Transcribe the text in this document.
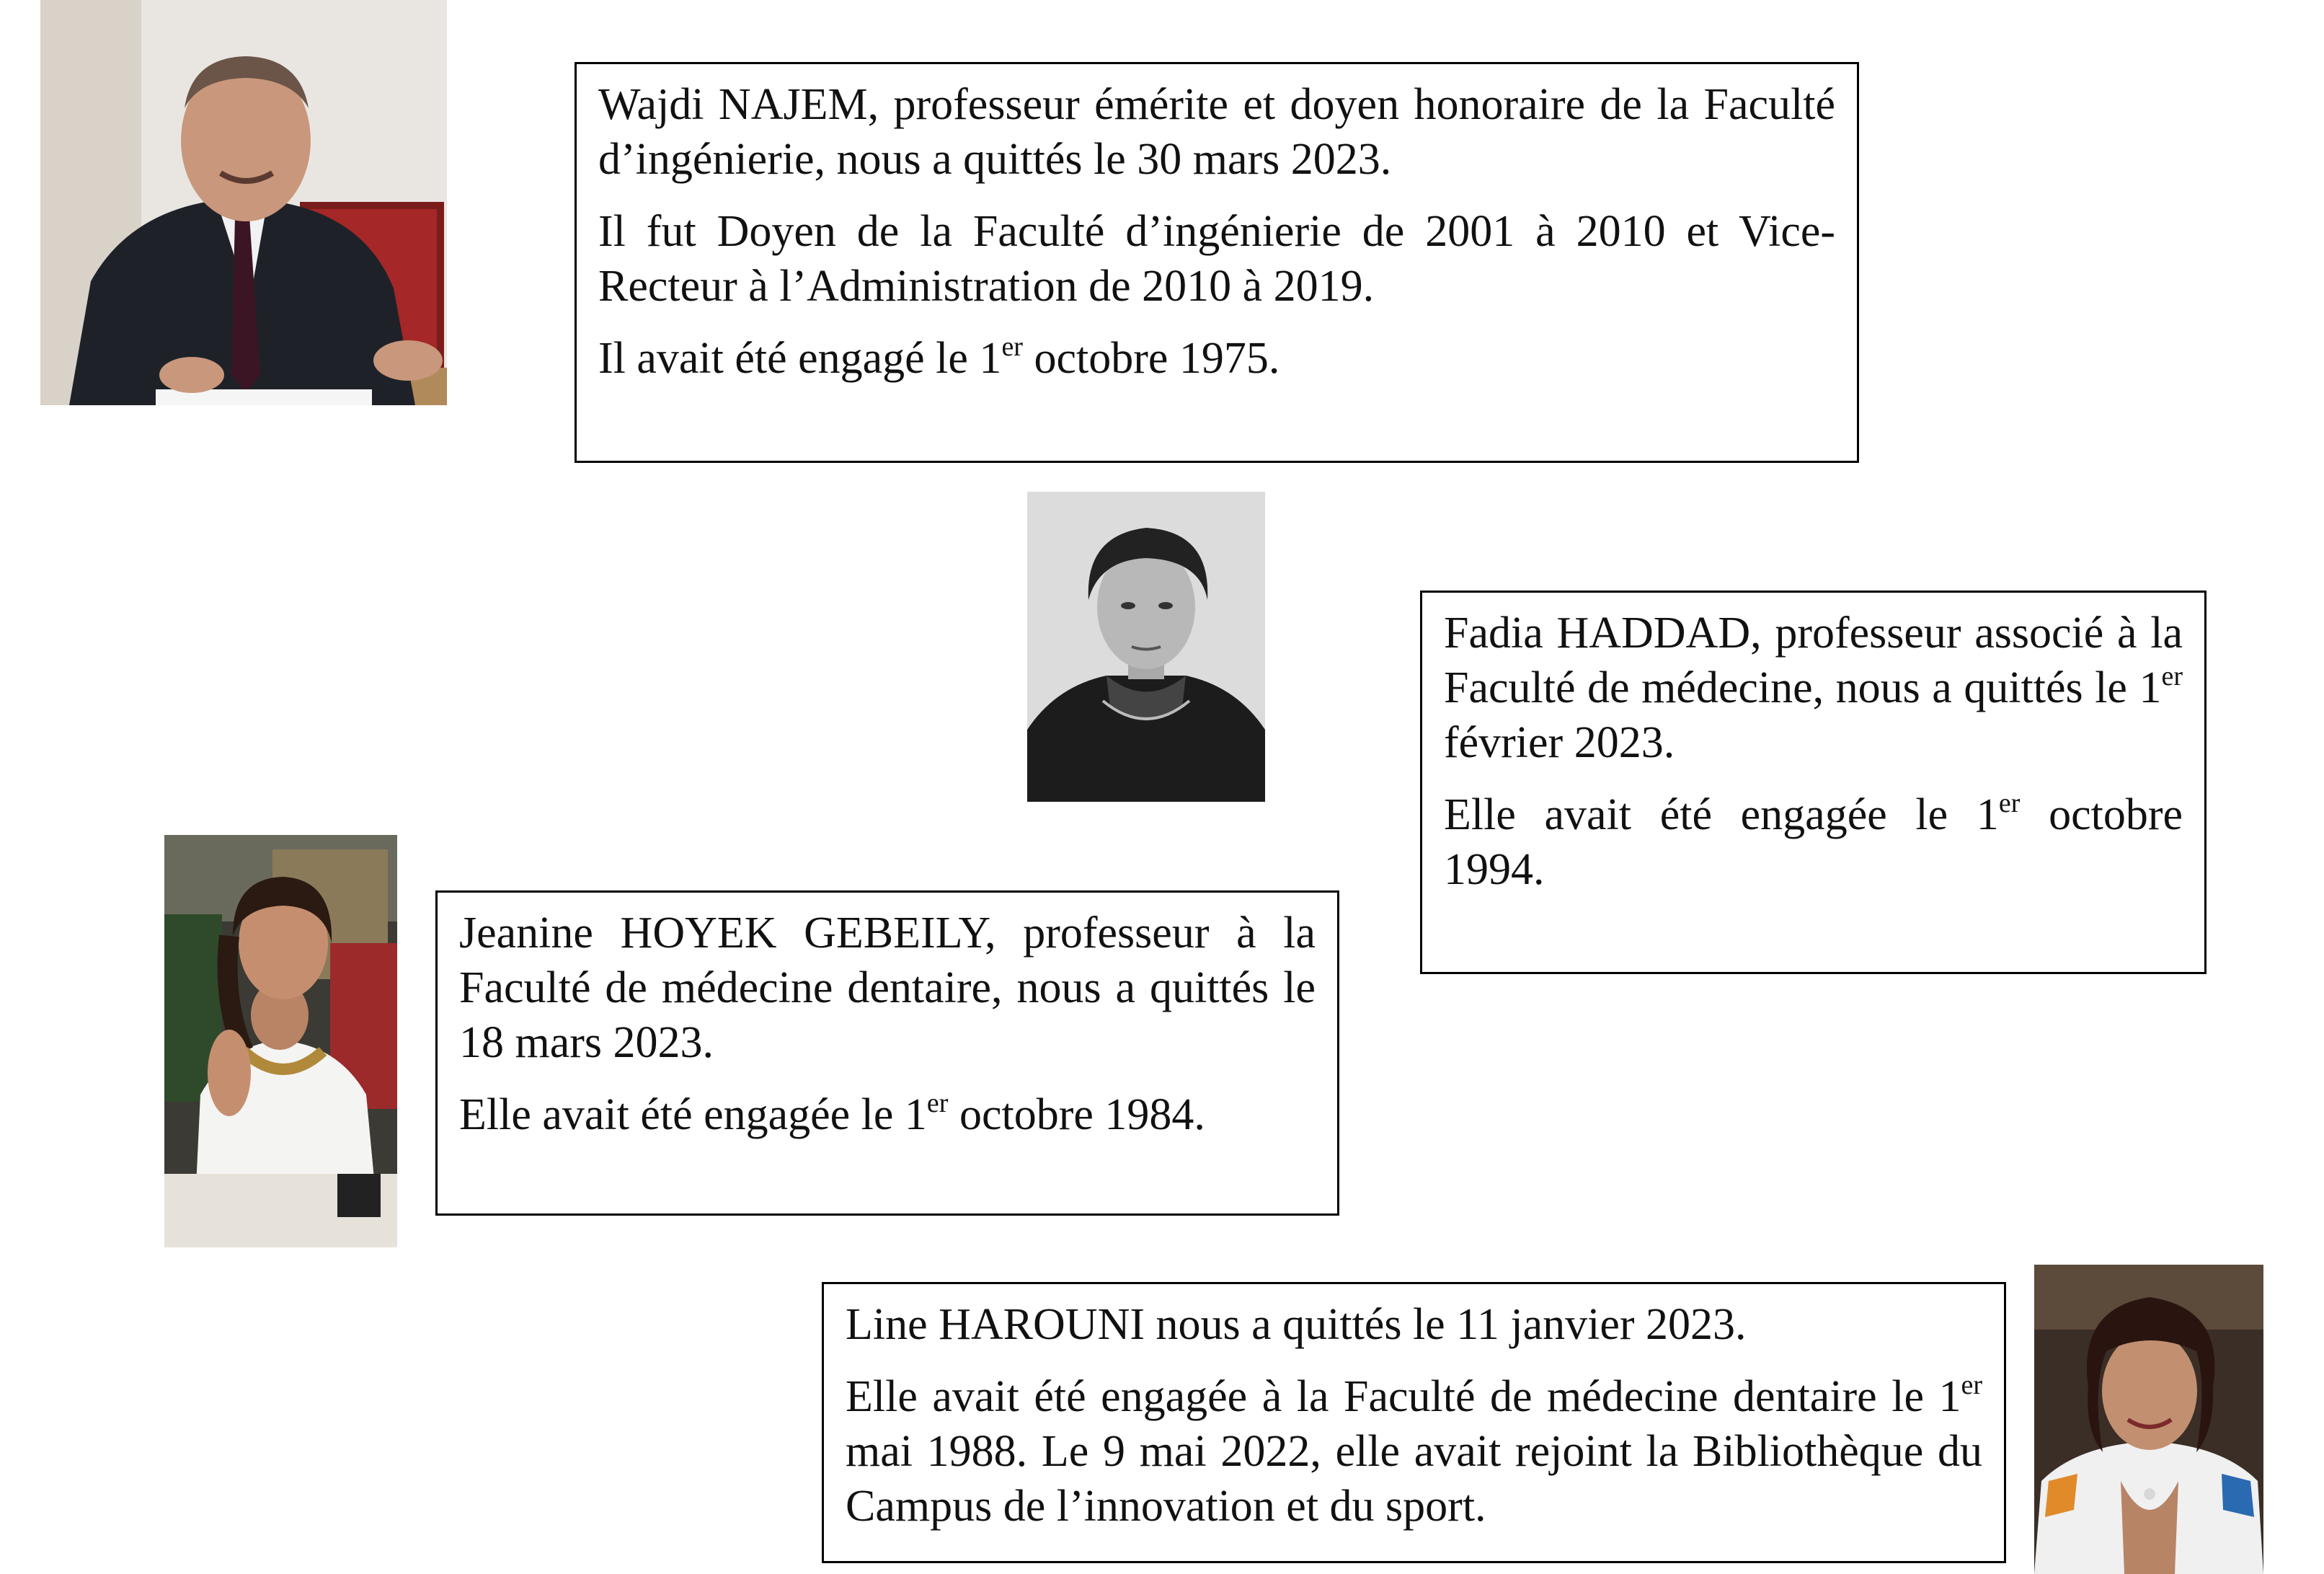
Wajdi NAJEM, professeur émérite et doyen honoraire de la Faculté d’ingénierie, nous a quittés le 30 mars 2023.

Il fut Doyen de la Faculté d’ingénierie de 2001 à 2010 et Vice-Recteur à l’Administration de 2010 à 2019.

Il avait été engagé le 1er octobre 1975.

Fadia HADDAD, professeur associé à la Faculté de médecine, nous a quittés le 1er février 2023.

Elle avait été engagée le 1er octobre 1994.

Jeanine HOYEK GEBEILY, professeur à la Faculté de médecine dentaire, nous a quittés le 18 mars 2023.

Elle avait été engagée le 1er octobre 1984.

Line HAROUNI nous a quittés le 11 janvier 2023.

Elle avait été engagée à la Faculté de médecine dentaire le 1er mai 1988. Le 9 mai 2022, elle avait rejoint la Bibliothèque du Campus de l’innovation et du sport.
